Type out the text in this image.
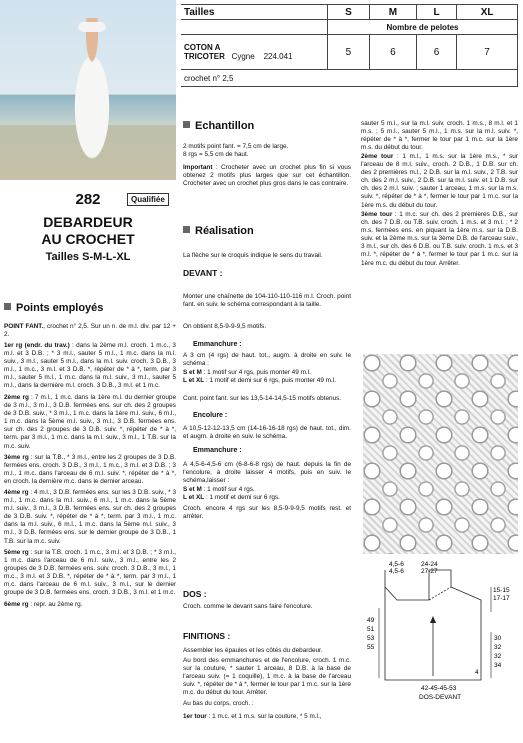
Tailles	S	M	L	XL
	Nombre de pelotes			
COTON A TRICOTER Cygne 224.041	5	6	6	7
crochet n° 2,5				
282	Qualifiée
DEBARDEUR
AU CROCHET
Tailles S-M-L-XL
Points employés
POINT FANT., crochet n° 2,5. Sur un n. de m.l. div. par 12 + 2.
1er rg (endr. du trav.) : dans la 2ème m.l. croch. 1 m.c., 3 m.l. et 3 D.B. ; * 3 m.l., sauter 5 m.l., 1 m.c. dans la m.l. suiv., 3 m.l., sauter 5 m.l., dans la m.l. suiv. croch. 3 D.B., 3 m.l., 1 m.c., 3 m.l. et 3 D.B. *, répéter de * à *, term. par 3 m.l., sauter 5 m.l., 1 m.c. dans la m.l. suiv., 3 m.l., sauter 5 m.l., dans la dernière m.l. croch. 3 D.B., 3 m.l. et 1 m.c.
2ème rg : 7 m.l., 1 m.c. dans la 1ère m.l. du dernier groupe de 3 m.l., 3 m.l., 3 D.B. fermées ens. sur ch. des 2 groupes de 3 D.B. suiv., * 3 m.l., 1 m.c. dans la 1ère m.l. suiv., 6 m.l., 1 m.c. dans la 5ème m.l. suiv., 3 m.l., 3 D.B. fermées ens. sur ch. des 2 groupes de 3 D.B. suiv. *, répéter de * à *, term. par 3 m.l., 1 m.c. dans la m.l. suiv., 3 m.l., 1 T.B. sur la m.c. suiv.
3ème rg : sur la T.B., * 3 m.l., entre les 2 groupes de 3 D.B. fermées ens. croch. 3 D.B., 3 m.l., 1 m.c., 3 m.l. et 3 D.B. ; 3 m.l., 1 m.c. dans l'arceau de 6 m.l. suiv. *, répéter de * à *, en croch. la dernière m.c. dans le dernier arceau.
4ème rg : 4 m.l., 3 D.B. fermées ens. sur les 3 D.B. suiv., * 3 m.l., 1 m.c. dans la m.l. suiv., 6 m.l., 1 m.c. dans la 5ème m.l. suiv., 3 m.l., 3 D.B. fermées ens. sur ch. des 2 groupes de 3 D.B. suiv. *, répéter de * à *, term. par 3 m.l., 1 m.c. dans la m.l. suiv., 6 m.l., 1 m.c. dans la 5ème m.l. suiv., 3 m.l., 3 D.B. fermées ens. sur le dernier groupe de 3 D.B., 1 T.B. sur la m.c. suiv.
5ème rg : sur la T.B. croch. 1 m.c., 3 m.l. et 3 D.B. ; * 3 m.l., 1 m.c. dans l'arceau de 6 m.l. suiv., 3 m.l., entre les 2 groupes de 3 D.B. fermées ens. suiv. croch. 3 D.B., 3 m.l., 1 m.c., 3 m.l. et 3 D.B. *, répéter de * à *, term. par 3 m.l., 1 m.c. dans l'arceau de 6 m.l. suiv., 3 m.l., sur le dernier groupe de 3 D.B. fermées ens. croch. 3 D.B., 3 m.l. et 1 m.c.
6ème rg : repr. au 2ème rg.
Echantillon
Réalisation
2 motifs point fant. = 7,5 cm de large.
8 rgs = 5,5 cm de haut.
Important : Crocheter avec un crochet plus fin si vous obtenez 2 motifs plus larges que sur cet échantillon. Crocheter avec un crochet plus gros dans le cas contraire.
La flèche sur le croquis indique le sens du travail.
DEVANT :
Monter une chaînette de 104-110-110-116 m.l. Croch. point fant. en suiv. le schéma correspondant à la taille.
On obtient 8,5-9-9-9,5 motifs.
Emmanchure :
A 3 cm (4 rgs) de haut. tot., augm. à droite en suiv. le schéma :
S et M : 1 motif sur 4 rgs, puis monter 49 m.l.
L et XL : 1 motif et demi sur 6 rgs, puis monter 49 m.l.
Cont. point fant. sur les 13,5-14-14,5-15 motifs obtenus.
Encolure :
A 10,5-12-12-13,5 cm (14-16-16-18 rgs) de haut. tot., dim. et augm. à droite en suiv. le schéma.
Emmanchure :
A 4,5-6-4,5-6 cm (6-8-6-8 rgs) de haut. depuis la fin de l'encolure, à droite laisser 4 motifs, puis en suiv. le schéma,laisser :
S et M : 1 motif sur 4 rgs.
L et XL : 1 motif et demi sur 6 rgs.
Croch. encore 4 rgs sur les 8,5-9-9-9,5 motifs rest. et arrêter.
DOS :
Croch. comme le devant sans faire l'encolure.
FINITIONS :
Assembler les épaules et les côtés du debardeur.
Au bord des emmanchures et de l'encolure, croch. 1 m.c. sur la couture, * sauter 1 arceau, 8 D.B. à la base de l'arceau suiv. (= 1 coquille), 1 m.c. à la base de l'arceau suiv. *, répéter de * à *, fermer le tour par 1 m.c. sur la 1ère m.c. du début du tour. Arrêter.
Au bas du corps, croch. :
1er tour : 1 m.c. et 1 m.s. sur la couture, * 5 m.l.,
sauter 5 m.l., sur la m.l. suiv. croch. 1 m.s., 8 m.l. et 1 m.s. ; 5 m.l., sauter 5 m.l., 1 m.s. sur la m.l. suiv. *, répéter de * à *, fermer le tour par 1 m.c. sur la 1ère m.s. du début du tour.
2ème tour : 1 m.l., 1 m.s. sur la 1ère m.s., * sur l'arceau de 8 m.l. suiv., croch. 2 D.B., 1 D.B. sur ch. des 2 premières m.l., 2 D.B. sur la m.l. suiv., 2 T.B. sur ch. des 2 m.l. suiv., 2 D.B. sur la m.l. suiv. et 1 D.B. sur ch. des 2 m.l. suiv. ; sauter 1 arceau, 1 m.s. sur la m.s. suiv. *, répéter de * à *, fermer le tour par 1 m.c. sur la 1ère m.s. du début du tour.
3ème tour : 1 m.c. sur ch. des 2 premières D.B., sur ch. des 7 D.B. ou T.B. suiv. croch. 1 m.s. et 3 m.l. ; * 2 m.s. fermées ens. en piquant la 1ère m.s. sur la D.B. suiv. et la 2ème m.s. sur la 3ème D.B. de l'arceau suiv., 3 m.l., sur ch. des 6 D.B. ou T.B. suiv. croch. 1 m.s. et 3 m.l. *, répéter de * à *, fermer le tour par 1 m.c. sur la 1ère m.c. du début du tour. Arrêter.
4,5-6
4,5-6
24-24
27-27
15-15
17-17
49
51
53
55
30
32
32
34
4
42-45-45-53
DOS-DEVANT
